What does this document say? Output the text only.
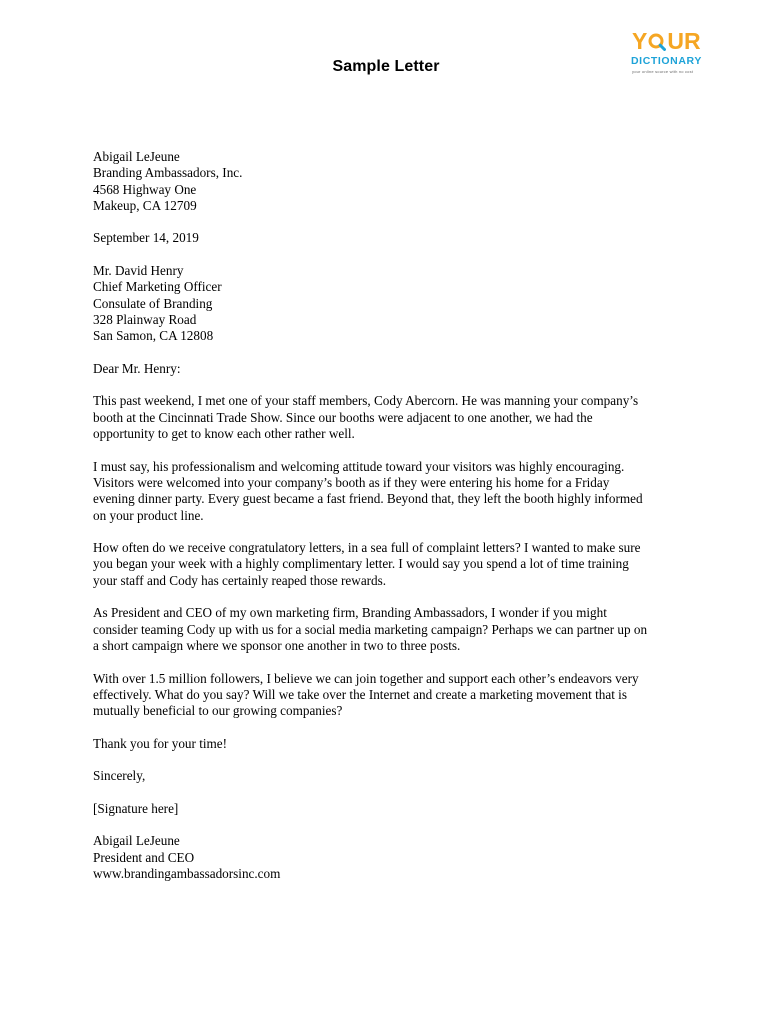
Y UR
DICTIONARY
your online source with no cost
Sample Letter
Abigail LeJeune
Branding Ambassadors, Inc.
4568 Highway One
Makeup, CA 12709
September 14, 2019
Mr. David Henry
Chief Marketing Officer
Consulate of Branding
328 Plainway Road
San Samon, CA 12808
Dear Mr. Henry:
This past weekend, I met one of your staff members, Cody Abercorn. He was manning your company’s
booth at the Cincinnati Trade Show. Since our booths were adjacent to one another, we had the
opportunity to get to know each other rather well.
I must say, his professionalism and welcoming attitude toward your visitors was highly encouraging.
Visitors were welcomed into your company’s booth as if they were entering his home for a Friday
evening dinner party. Every guest became a fast friend. Beyond that, they left the booth highly informed
on your product line.
How often do we receive congratulatory letters, in a sea full of complaint letters? I wanted to make sure
you began your week with a highly complimentary letter. I would say you spend a lot of time training
your staff and Cody has certainly reaped those rewards.
As President and CEO of my own marketing firm, Branding Ambassadors, I wonder if you might
consider teaming Cody up with us for a social media marketing campaign? Perhaps we can partner up on
a short campaign where we sponsor one another in two to three posts.
With over 1.5 million followers, I believe we can join together and support each other’s endeavors very
effectively. What do you say? Will we take over the Internet and create a marketing movement that is
mutually beneficial to our growing companies?
Thank you for your time!
Sincerely,
[Signature here]
Abigail LeJeune
President and CEO
www.brandingambassadorsinc.com
